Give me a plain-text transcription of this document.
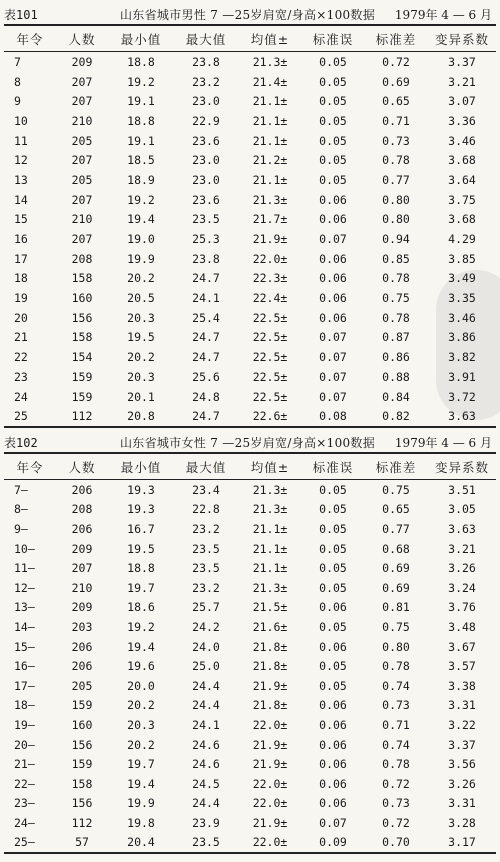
表101	山东省城市男性 7 —25岁肩宽/身高×100数据 1979年 4 — 6 月
年令	人数	最小值	最大值	均值±	标准误	标准差	变异系数
7	209	18.8	23.8	21.3±	0.05	0.72	3.37
8	207	19.2	23.2	21.4±	0.05	0.69	3.21
9	207	19.1	23.0	21.1±	0.05	0.65	3.07
10	210	18.8	22.9	21.1±	0.05	0.71	3.36
11	205	19.1	23.6	21.1±	0.05	0.73	3.46
12	207	18.5	23.0	21.2±	0.05	0.78	3.68
13	205	18.9	23.0	21.1±	0.05	0.77	3.64
14	207	19.2	23.6	21.3±	0.06	0.80	3.75
15	210	19.4	23.5	21.7±	0.06	0.80	3.68
16	207	19.0	25.3	21.9±	0.07	0.94	4.29
17	208	19.9	23.8	22.0±	0.06	0.85	3.85
18	158	20.2	24.7	22.3±	0.06	0.78	3.49
19	160	20.5	24.1	22.4±	0.06	0.75	3.35
20	156	20.3	25.4	22.5±	0.06	0.78	3.46
21	158	19.5	24.7	22.5±	0.07	0.87	3.86
22	154	20.2	24.7	22.5±	0.07	0.86	3.82
23	159	20.3	25.6	22.5±	0.07	0.88	3.91
24	159	20.1	24.8	22.5±	0.07	0.84	3.72
25	112	20.8	24.7	22.6±	0.08	0.82	3.63
表102	山东省城市女性 7 —25岁肩宽/身高×100数据 1979年 4 — 6 月
年令	人数	最小值	最大值	均值±	标准误	标准差	变异系数
7—	206	19.3	23.4	21.3±	0.05	0.75	3.51
8—	208	19.3	22.8	21.3±	0.05	0.65	3.05
9—	206	16.7	23.2	21.1±	0.05	0.77	3.63
10—	209	19.5	23.5	21.1±	0.05	0.68	3.21
11—	207	18.8	23.5	21.1±	0.05	0.69	3.26
12—	210	19.7	23.2	21.3±	0.05	0.69	3.24
13—	209	18.6	25.7	21.5±	0.06	0.81	3.76
14—	203	19.2	24.2	21.6±	0.05	0.75	3.48
15—	206	19.4	24.0	21.8±	0.06	0.80	3.67
16—	206	19.6	25.0	21.8±	0.05	0.78	3.57
17—	205	20.0	24.4	21.9±	0.05	0.74	3.38
18—	159	20.2	24.4	21.8±	0.06	0.73	3.31
19—	160	20.3	24.1	22.0±	0.06	0.71	3.22
20—	156	20.2	24.6	21.9±	0.06	0.74	3.37
21—	159	19.7	24.6	21.9±	0.06	0.78	3.56
22—	158	19.4	24.5	22.0±	0.06	0.72	3.26
23—	156	19.9	24.4	22.0±	0.06	0.73	3.31
24—	112	19.8	23.9	21.9±	0.07	0.72	3.28
25—	57	20.4	23.5	22.0±	0.09	0.70	3.17
